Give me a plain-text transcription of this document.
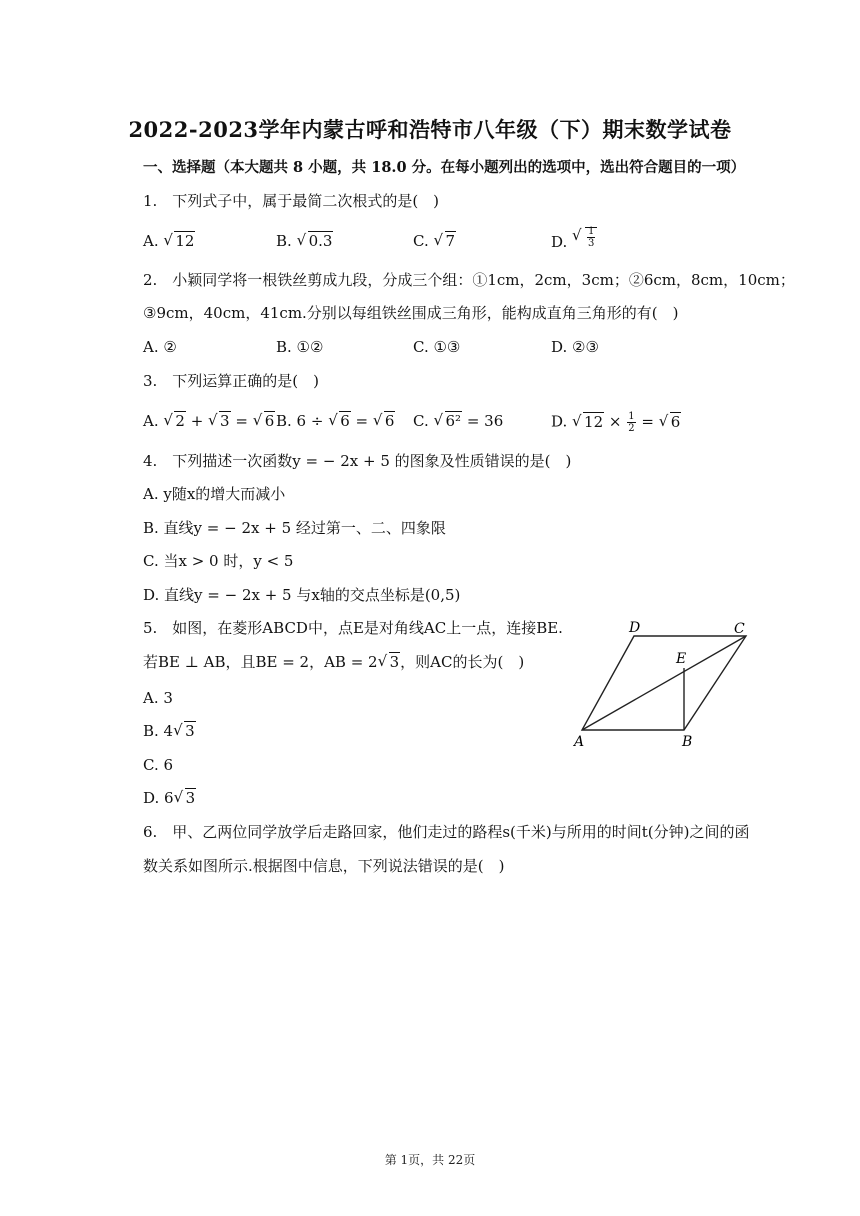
2022-2023学年内蒙古呼和浩特市八年级（下）期末数学试卷
一、选择题（本大题共 8 小题，共 18.0 分。在每小题列出的选项中，选出符合题目的一项）
1.　下列式子中，属于最简二次根式的是(　)
A. √ 12	B. √ 0.3	C. √ 7	D. √ $\frac{1}{3}$
2.　小颖同学将一根铁丝剪成九段，分成三个组：①1cm，2cm，3cm；②6cm，8cm，10cm；
③9cm，40cm，41cm.分别以每组铁丝围成三角形，能构成直角三角形的有(　)
A. ②	B. ①②	C. ①③	D. ②③
3.　下列运算正确的是(　)
A. √ 2 + √ 3 = √ 6 B. 6 ÷ √ 6 = √ 6 C. √ 6² = 36	D. √ $12 \times \frac{1}{2}$ = √ 6
4.　下列描述一次函数y = − 2x + 5 的图象及性质错误的是(　)
A. y随x的增大而减小
B. 直线y = − 2x + 5 经过第一、二、四象限
C. 当x > 0 时，y < 5
D. 直线y = − 2x + 5 与x轴的交点坐标是(0,5)
5.　如图，在菱形ABCD中，点E是对角线AC上一点，连接BE.
若BE ⊥ AB，且BE = 2，AB = 2 √ 3，则AC的长为(　)
A. 3
B. 4 √ 3
C. 6
D. 6 √ 3
A	B
C
D
E
6.　甲、乙两位同学放学后走路回家，他们走过的路程s(千米)与所用的时间t(分钟)之间的函
数关系如图所示.根据图中信息，下列说法错误的是(　)
第 1页，共 22页
